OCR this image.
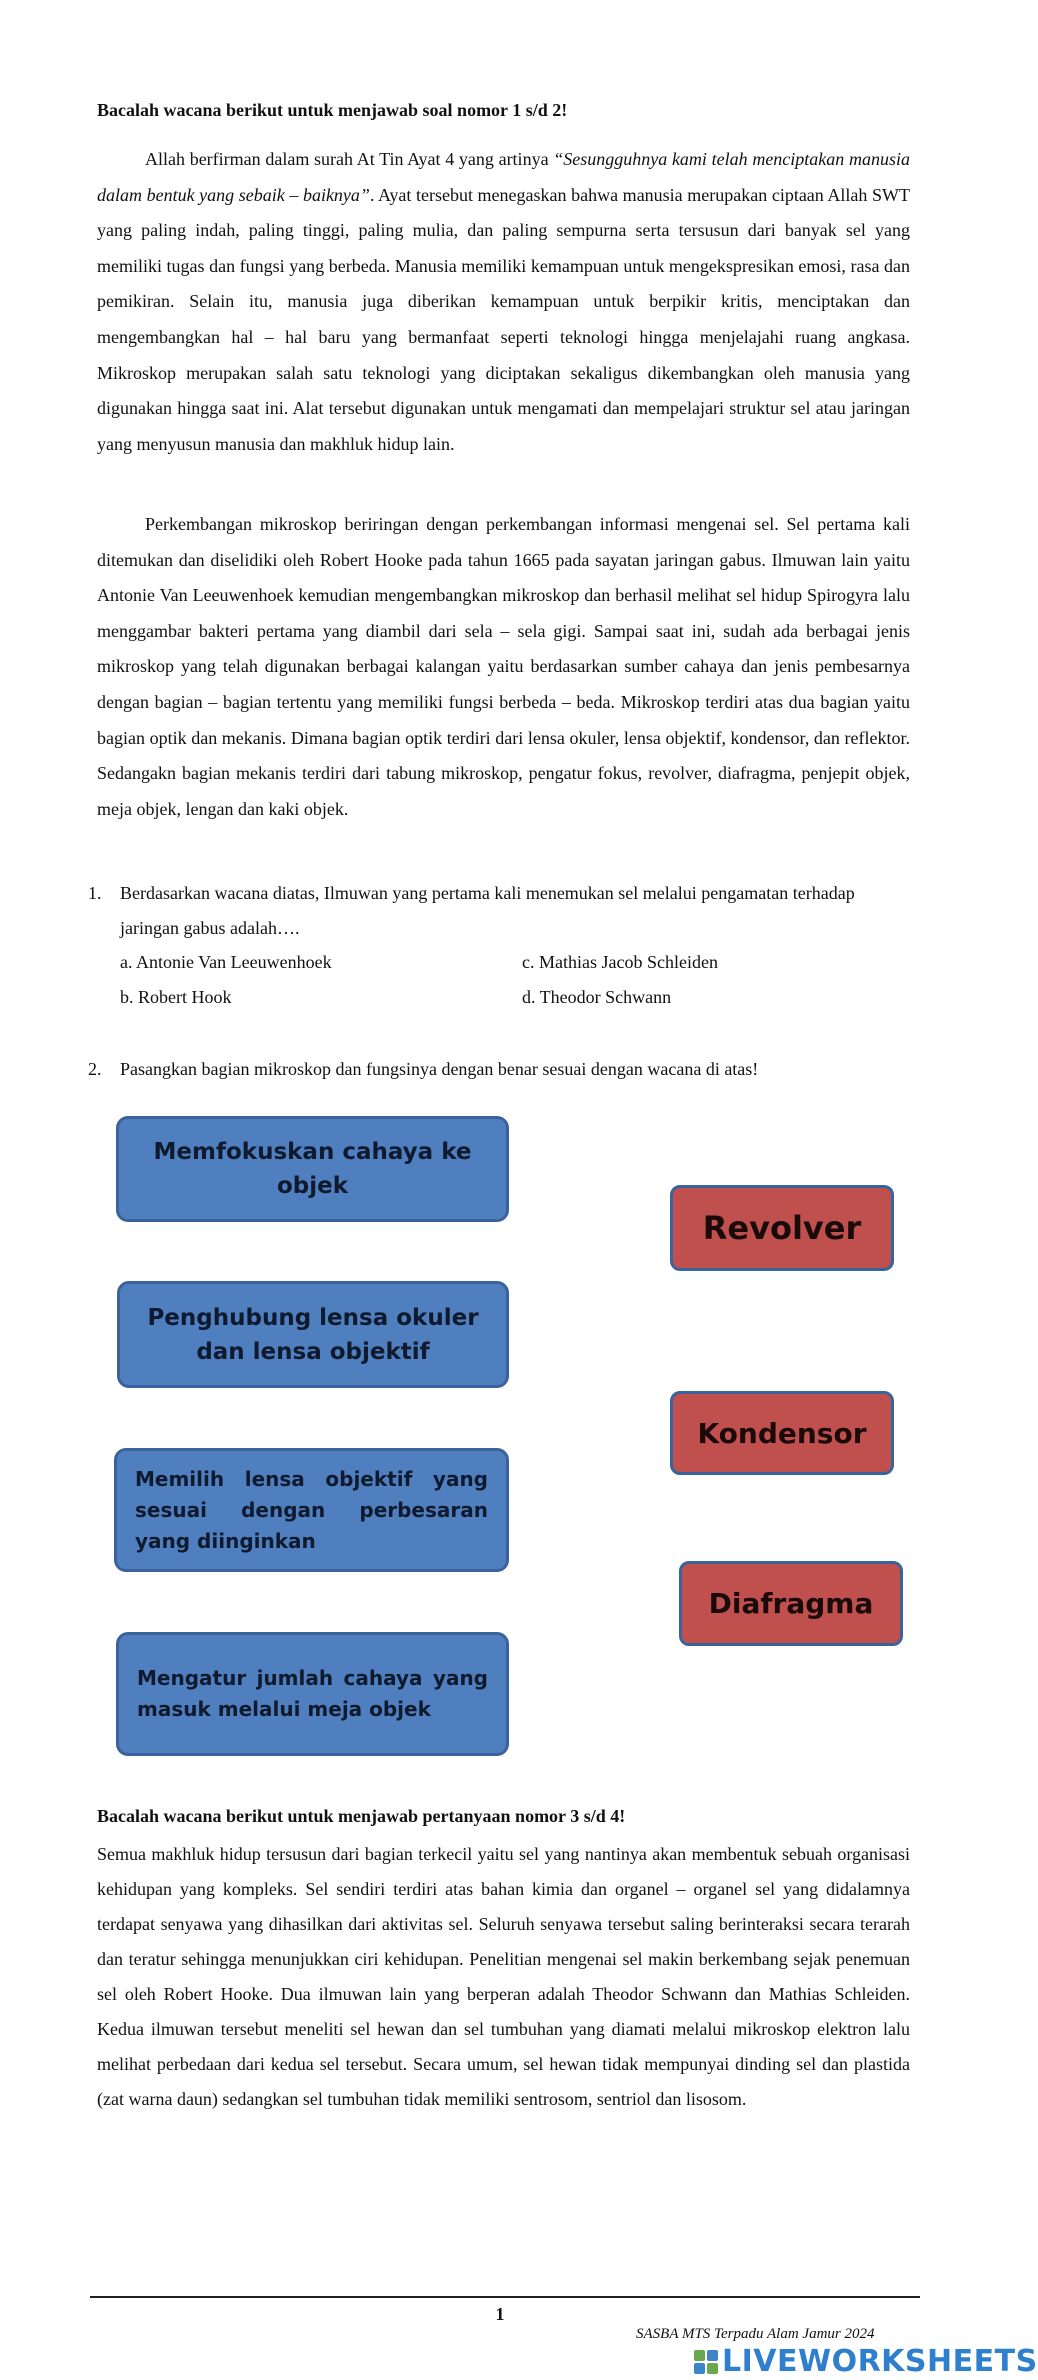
Bacalah wacana berikut untuk menjawab soal nomor 1 s/d 2!
Allah berfirman dalam surah At Tin Ayat 4 yang artinya “Sesungguhnya kami telah menciptakan manusia dalam bentuk yang sebaik – baiknya”. Ayat tersebut menegaskan bahwa manusia merupakan ciptaan Allah SWT yang paling indah, paling tinggi, paling mulia, dan paling sempurna serta tersusun dari banyak sel yang memiliki tugas dan fungsi yang berbeda. Manusia memiliki kemampuan untuk mengekspresikan emosi, rasa dan pemikiran. Selain itu, manusia juga diberikan kemampuan untuk berpikir kritis, menciptakan dan mengembangkan hal – hal baru yang bermanfaat seperti teknologi hingga menjelajahi ruang angkasa. Mikroskop merupakan salah satu teknologi yang diciptakan sekaligus dikembangkan oleh manusia yang digunakan hingga saat ini. Alat tersebut digunakan untuk mengamati dan mempelajari struktur sel atau jaringan yang menyusun manusia dan makhluk hidup lain.
Perkembangan mikroskop beriringan dengan perkembangan informasi mengenai sel. Sel pertama kali ditemukan dan diselidiki oleh Robert Hooke pada tahun 1665 pada sayatan jaringan gabus. Ilmuwan lain yaitu Antonie Van Leeuwenhoek kemudian mengembangkan mikroskop dan berhasil melihat sel hidup Spirogyra lalu menggambar bakteri pertama yang diambil dari sela – sela gigi. Sampai saat ini, sudah ada berbagai jenis mikroskop yang telah digunakan berbagai kalangan yaitu berdasarkan sumber cahaya dan jenis pembesarnya dengan bagian – bagian tertentu yang memiliki fungsi berbeda – beda. Mikroskop terdiri atas dua bagian yaitu bagian optik dan mekanis. Dimana bagian optik terdiri dari lensa okuler, lensa objektif, kondensor, dan reflektor. Sedangakn bagian mekanis terdiri dari tabung mikroskop, pengatur fokus, revolver, diafragma, penjepit objek, meja objek, lengan dan kaki objek.
1. Berdasarkan wacana diatas, Ilmuwan yang pertama kali menemukan sel melalui pengamatan terhadap jaringan gabus adalah….
a. Antonie Van Leeuwenhoek	c. Mathias Jacob Schleiden
b. Robert Hook	d. Theodor Schwann
2. Pasangkan bagian mikroskop dan fungsinya dengan benar sesuai dengan wacana di atas!
Memfokuskan cahaya ke objek
Penghubung lensa okuler dan lensa objektif
Memilih lensa objektif yang sesuai dengan perbesaran yang diinginkan
Mengatur jumlah cahaya yang masuk melalui meja objek
Revolver
Kondensor
Diafragma
Bacalah wacana berikut untuk menjawab pertanyaan nomor 3 s/d 4!
Semua makhluk hidup tersusun dari bagian terkecil yaitu sel yang nantinya akan membentuk sebuah organisasi kehidupan yang kompleks. Sel sendiri terdiri atas bahan kimia dan organel – organel sel yang didalamnya terdapat senyawa yang dihasilkan dari aktivitas sel. Seluruh senyawa tersebut saling berinteraksi secara terarah dan teratur sehingga menunjukkan ciri kehidupan. Penelitian mengenai sel makin berkembang sejak penemuan sel oleh Robert Hooke. Dua ilmuwan lain yang berperan adalah Theodor Schwann dan Mathias Schleiden. Kedua ilmuwan tersebut meneliti sel hewan dan sel tumbuhan yang diamati melalui mikroskop elektron lalu melihat perbedaan dari kedua sel tersebut. Secara umum, sel hewan tidak mempunyai dinding sel dan plastida (zat warna daun) sedangkan sel tumbuhan tidak memiliki sentrosom, sentriol dan lisosom.
1
SASBA MTS Terpadu Alam Jamur 2024
LIVEWORKSHEETS
